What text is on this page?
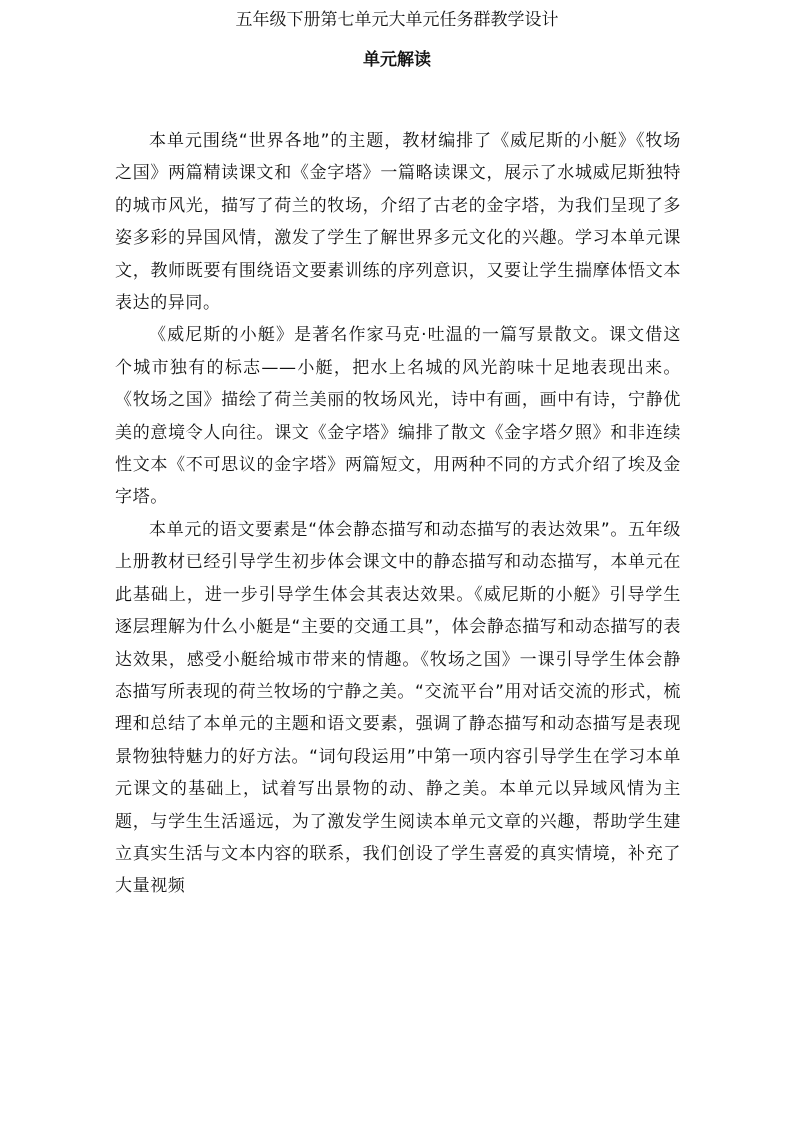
五年级下册第七单元大单元任务群教学设计
单元解读

本单元围绕“世界各地”的主题，教材编排了《威尼斯的小艇》《牧场之国》两篇精读课文和《金字塔》一篇略读课文，展示了水城威尼斯独特的城市风光，描写了荷兰的牧场，介绍了古老的金字塔，为我们呈现了多姿多彩的异国风情，激发了学生了解世界多元文化的兴趣。学习本单元课文，教师既要有围绕语文要素训练的序列意识，又要让学生揣摩体悟文本表达的异同。

《威尼斯的小艇》是著名作家马克·吐温的一篇写景散文。课文借这个城市独有的标志——小艇，把水上名城的风光韵味十足地表现出来。《牧场之国》描绘了荷兰美丽的牧场风光，诗中有画，画中有诗，宁静优美的意境令人向往。课文《金字塔》编排了散文《金字塔夕照》和非连续性文本《不可思议的金字塔》两篇短文，用两种不同的方式介绍了埃及金字塔。

本单元的语文要素是“体会静态描写和动态描写的表达效果”。五年级上册教材已经引导学生初步体会课文中的静态描写和动态描写，本单元在此基础上，进一步引导学生体会其表达效果。《威尼斯的小艇》引导学生逐层理解为什么小艇是“主要的交通工具”，体会静态描写和动态描写的表达效果，感受小艇给城市带来的情趣。《牧场之国》一课引导学生体会静态描写所表现的荷兰牧场的宁静之美。“交流平台”用对话交流的形式，梳理和总结了本单元的主题和语文要素，强调了静态描写和动态描写是表现景物独特魅力的好方法。“词句段运用”中第一项内容引导学生在学习本单元课文的基础上，试着写出景物的动、静之美。本单元以异域风情为主题，与学生生活遥远，为了激发学生阅读本单元文章的兴趣，帮助学生建立真实生活与文本内容的联系，我们创设了学生喜爱的真实情境，补充了大量视频
